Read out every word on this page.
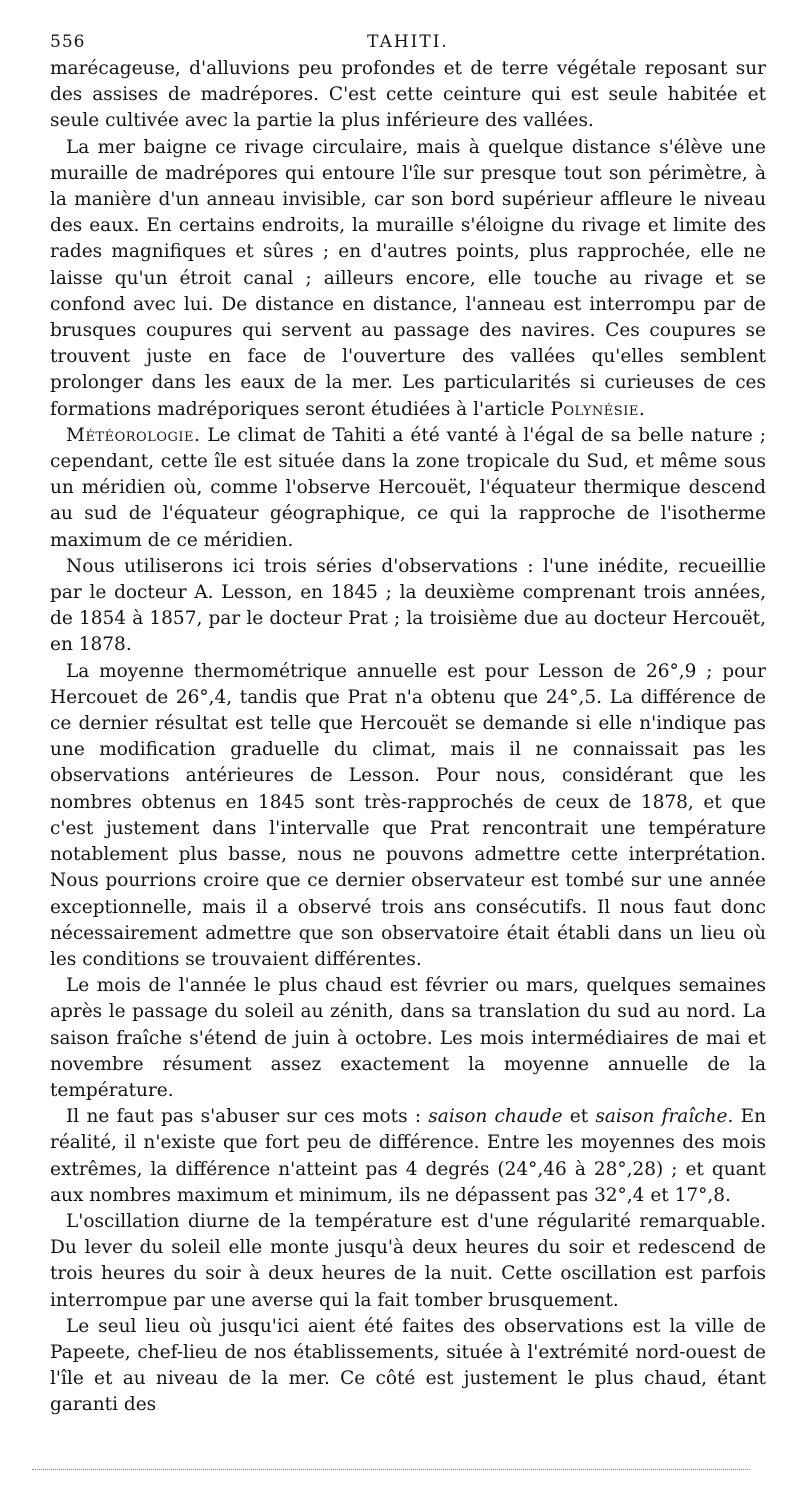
556	TAHITI.

marécageuse, d'alluvions peu profondes et de terre végétale reposant sur des assises de madrépores. C'est cette ceinture qui est seule habitée et seule cultivée avec la partie la plus inférieure des vallées.

La mer baigne ce rivage circulaire, mais à quelque distance s'élève une muraille de madrépores qui entoure l'île sur presque tout son périmètre, à la manière d'un anneau invisible, car son bord supérieur affleure le niveau des eaux. En certains endroits, la muraille s'éloigne du rivage et limite des rades magnifiques et sûres ; en d'autres points, plus rapprochée, elle ne laisse qu'un étroit canal ; ailleurs encore, elle touche au rivage et se confond avec lui. De distance en distance, l'anneau est interrompu par de brusques coupures qui servent au passage des navires. Ces coupures se trouvent juste en face de l'ouverture des vallées qu'elles semblent prolonger dans les eaux de la mer. Les particularités si curieuses de ces formations madréporiques seront étudiées à l'article Polynésie.

Météorologie. Le climat de Tahiti a été vanté à l'égal de sa belle nature ; cependant, cette île est située dans la zone tropicale du Sud, et même sous un méridien où, comme l'observe Hercouët, l'équateur thermique descend au sud de l'équateur géographique, ce qui la rapproche de l'isotherme maximum de ce méridien.

Nous utiliserons ici trois séries d'observations : l'une inédite, recueillie par le docteur A. Lesson, en 1845 ; la deuxième comprenant trois années, de 1854 à 1857, par le docteur Prat ; la troisième due au docteur Hercouët, en 1878.

La moyenne thermométrique annuelle est pour Lesson de 26°,9 ; pour Hercouet de 26°,4, tandis que Prat n'a obtenu que 24°,5. La différence de ce dernier résultat est telle que Hercouët se demande si elle n'indique pas une modification graduelle du climat, mais il ne connaissait pas les observations antérieures de Lesson. Pour nous, considérant que les nombres obtenus en 1845 sont très-rapprochés de ceux de 1878, et que c'est justement dans l'intervalle que Prat rencontrait une température notablement plus basse, nous ne pouvons admettre cette interprétation. Nous pourrions croire que ce dernier observateur est tombé sur une année exceptionnelle, mais il a observé trois ans consécutifs. Il nous faut donc nécessairement admettre que son observatoire était établi dans un lieu où les conditions se trouvaient différentes.

Le mois de l'année le plus chaud est février ou mars, quelques semaines après le passage du soleil au zénith, dans sa translation du sud au nord. La saison fraîche s'étend de juin à octobre. Les mois intermédiaires de mai et novembre résument assez exactement la moyenne annuelle de la température.

Il ne faut pas s'abuser sur ces mots : saison chaude et saison fraîche. En réalité, il n'existe que fort peu de différence. Entre les moyennes des mois extrêmes, la différence n'atteint pas 4 degrés (24°,46 à 28°,28) ; et quant aux nombres maximum et minimum, ils ne dépassent pas 32°,4 et 17°,8.

L'oscillation diurne de la température est d'une régularité remarquable. Du lever du soleil elle monte jusqu'à deux heures du soir et redescend de trois heures du soir à deux heures de la nuit. Cette oscillation est parfois interrompue par une averse qui la fait tomber brusquement.

Le seul lieu où jusqu'ici aient été faites des observations est la ville de Papeete, chef-lieu de nos établissements, située à l'extrémité nord-ouest de l'île et au niveau de la mer. Ce côté est justement le plus chaud, étant garanti des
